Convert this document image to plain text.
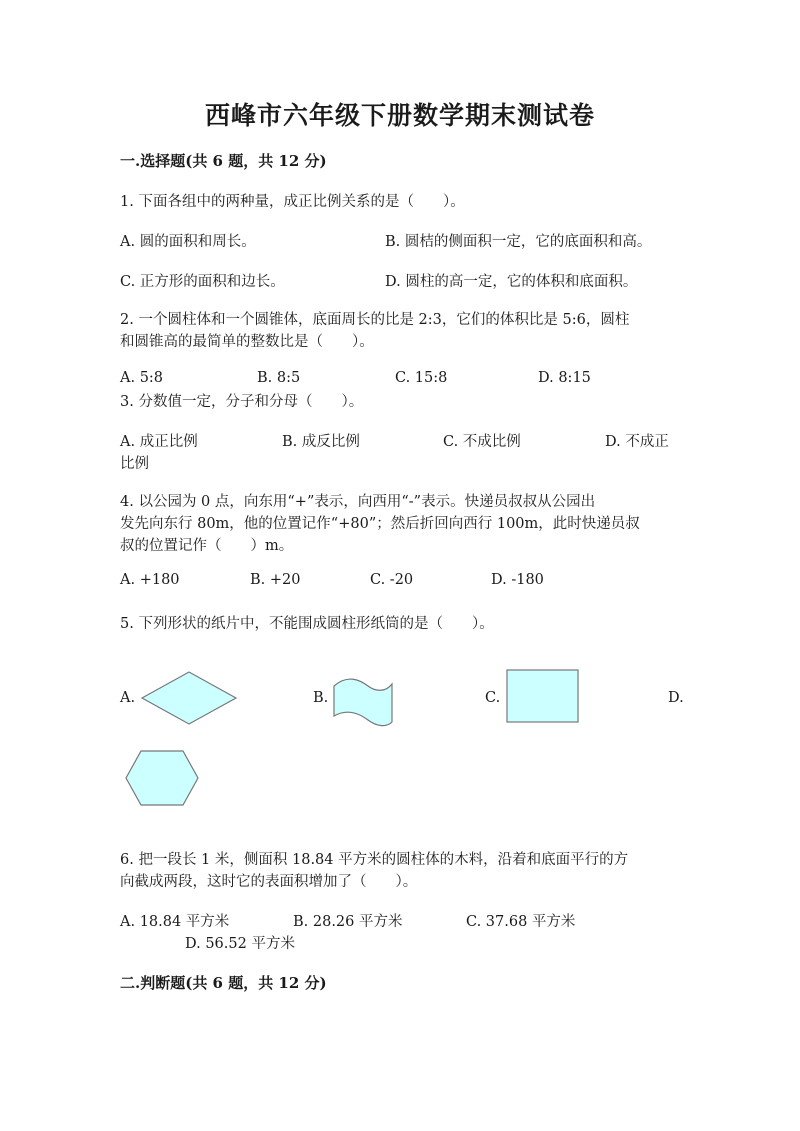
西峰市六年级下册数学期末测试卷
一.选择题(共 6 题，共 12 分)
1. 下面各组中的两种量，成正比例关系的是（　　）。
A. 圆的面积和周长。	B. 圆桔的侧面积一定，它的底面积和高。
C. 正方形的面积和边长。	D. 圆柱的高一定，它的体积和底面积。
2. 一个圆柱体和一个圆锥体，底面周长的比是 2:3，它们的体积比是 5:6，圆柱
和圆锥高的最简单的整数比是（　　）。
A. 5:8	B. 8:5	C. 15:8	D. 8:15
3. 分数值一定，分子和分母（　　）。
A. 成正比例	B. 成反比例	C. 不成比例	D. 不成正
比例
4. 以公园为 0 点，向东用“+”表示，向西用“-”表示。快递员叔叔从公园出
发先向东行 80m，他的位置记作“+80”；然后折回向西行 100m，此时快递员叔
叔的位置记作（　　）m。
A. +180	B. +20	C. -20	D. -180
5. 下列形状的纸片中，不能围成圆柱形纸筒的是（　　）。
A.	B.	C.	D.
6. 把一段长 1 米，侧面积 18.84 平方米的圆柱体的木料，沿着和底面平行的方
向截成两段，这时它的表面积增加了（　　）。
A. 18.84 平方米	B. 28.26 平方米	C. 37.68 平方米
D. 56.52 平方米
二.判断题(共 6 题，共 12 分)
